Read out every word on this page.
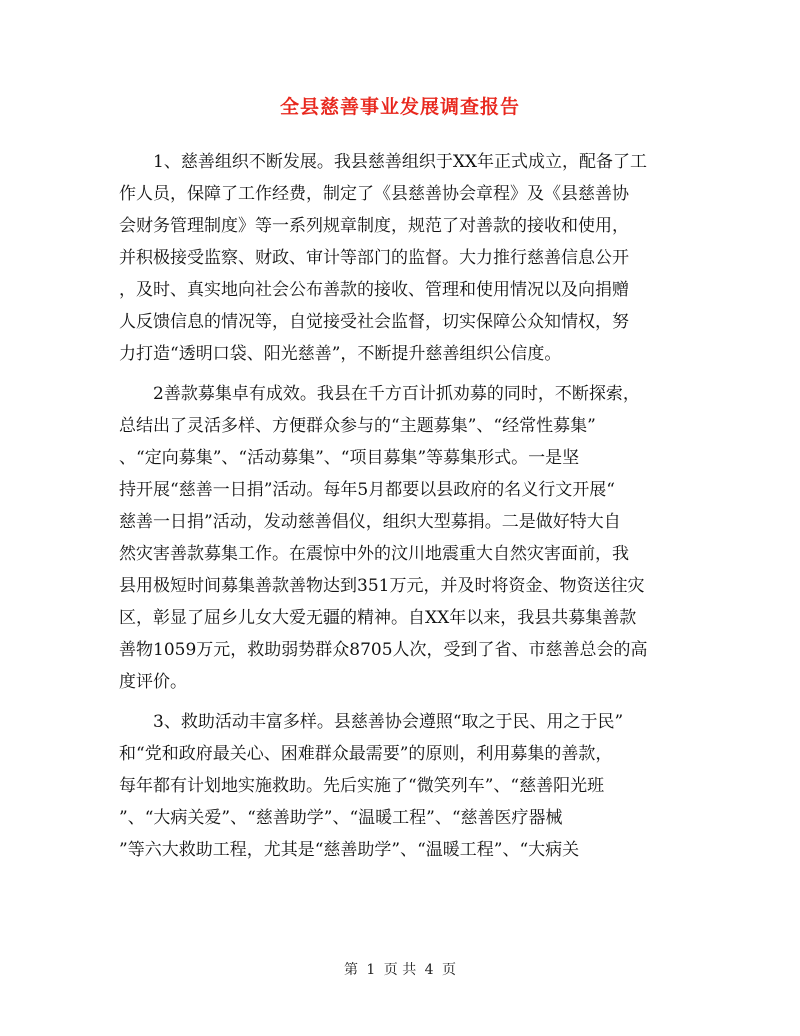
全县慈善事业发展调查报告
1、慈善组织不断发展。我县慈善组织于XX年正式成立，配备了工
作人员，保障了工作经费，制定了《县慈善协会章程》及《县慈善协
会财务管理制度》等一系列规章制度，规范了对善款的接收和使用，
并积极接受监察、财政、审计等部门的监督。大力推行慈善信息公开
，及时、真实地向社会公布善款的接收、管理和使用情况以及向捐赠
人反馈信息的情况等，自觉接受社会监督，切实保障公众知情权，努
力打造“透明口袋、阳光慈善”，不断提升慈善组织公信度。
2善款募集卓有成效。我县在千方百计抓劝募的同时，不断探索，
总结出了灵活多样、方便群众参与的“主题募集”、“经常性募集”
、“定向募集”、“活动募集”、“项目募集”等募集形式。一是坚
持开展“慈善一日捐”活动。每年5月都要以县政府的名义行文开展“
慈善一日捐”活动，发动慈善倡仪，组织大型募捐。二是做好特大自
然灾害善款募集工作。在震惊中外的汶川地震重大自然灾害面前，我
县用极短时间募集善款善物达到351万元，并及时将资金、物资送往灾
区，彰显了屈乡儿女大爱无疆的精神。自XX年以来，我县共募集善款
善物1059万元，救助弱势群众8705人次，受到了省、市慈善总会的高
度评价。
3、救助活动丰富多样。县慈善协会遵照“取之于民、用之于民”
和“党和政府最关心、困难群众最需要”的原则，利用募集的善款，
每年都有计划地实施救助。先后实施了“微笑列车”、“慈善阳光班
”、“大病关爱”、“慈善助学”、“温暖工程”、“慈善医疗器械
”等六大救助工程，尤其是“慈善助学”、“温暖工程”、“大病关
第 1 页 共 4 页
